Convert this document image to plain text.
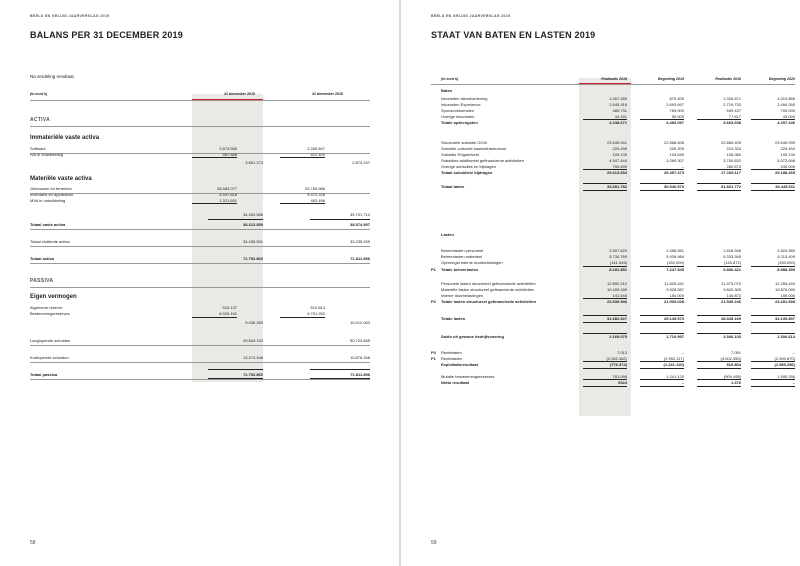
BEELD EN GELUID JAARVERSLAG 2019
BALANS PER 31 DECEMBER 2019
Na verdeling resultaat
(in euro's)	31 december 2019	31 december 2018
ACTIVA
Immateriële vaste activa
Materiële vaste activa
PASSIVA
Eigen vermogen
Software	2.873.585	2.260.847
IVA in ontwikkeling	987.688	612.400
3.861.273	2.873.247
Gebouwen en terreinen	28.583.077	29.765.986
Inventaris en apparatuur	4.547.818	5.472.228
MVA in ontwikkeling	1.321.691	463.496
34.452.586	35.701.710
Totaal vaste activa	38.313.859	38.574.957
Totaal vlottende activa	34.439.001	33.235.939
Totaal activa	72.752.860	71.811.896
Algemene reserve	516.137	510.813
Bestemmingsreserves	8.920.152	9.701.250
9.436.289	10.212.063
Langlopende schulden	49.843.153	50.723.665
Kortlopende schulden	13.473.448	10.876.168
Totaal passiva	72.752.860	71.811.896
58
BEELD EN GELUID JAARVERSLAG 2019
STAAT VAN BATEN EN LASTEN 2019
(in euro's)	Realisatie 2019	Begroting 2019	Realisatie 2018	Begroting 2020
Baten
Inkomsten dienstverlening	1.067.289	870.400	1.326.871	1.019.856
Inkomsten Experience	2.645.916	2.693.697	2.719.733	2.494.390
Sponsorinkomsten	480.731	769.000	539.437	700.000
Overige inkomsten	44.151	50.000	77.617	43.000
Totale opbrengsten	4.238.671	4.483.097	4.663.658	4.257.246
Structurele subsidie OCW	23.545.941	22.868.406	22.865.409	23.545.939
Subsidie culturele basisinfrastructuur	220.495	209.209	214.324	220.494
Subsidie Erfgoedveld	109.135	103.549	106.080	109.134
Subsidies additioneel gefinancierde activiteiten	4.947.444	3.269.307	3.700.632	5.072.698
Overige subsidies en bijdragen	790.639	–	282.673	240.000
Totaal subsidies/ bijdragen	29.613.654	26.457.473	27.169.117	29.188.265
Totaal baten	33.851.782	30.940.570	31.831.772	33.445.511
Lasten
Beheerlasten personeel	2.597.629	1.458.561	1.618.948	2.624.950
Beheerlasten materieel	5.734.769	5.939.984	5.333.345	6.113.409
Opbrengst interne doorbelastingen	(141.545)	(150.000)	(145.872)	(150.000)
P1 Totale beheerlasten	8.181.851	7.247.545	6.806.421	8.588.359
Personele lasten structureel gefinancierde activiteiten	12.890.212	11.825.441	11.573.070	12.255.449
Materiële lasten structureel gefinancierde activiteiten	10.499.189	9.928.587	9.820.305	10.876.090
Interne doorbelastingen	141.545	150.000	145.872	150.000
P2 Totale lasten structureel gefinancierde activiteiten	23.530.946	21.903.028	21.539.246	23.281.538
Totale lasten	31.682.627	29.149.573	28.345.169	32.139.897
Saldo uit gewone bedrijfsvoering	2.169.075	1.710.997	3.506.103	1.306.614
P3 Rentebaten	7.013	–	7.051	–
P1 Rentelasten	(2.952.462)	(2.952.117)	(3.002.350)	(2.900.870)
Exploitatieresultaat	(776.374)	(1.241.120)	510.804	(1.595.256)
Mutatie bestemmingsreserves	781.098	1.241.120	(509.495)	1.595.256
Netto resultaat	5324	–	1.376	–
59
